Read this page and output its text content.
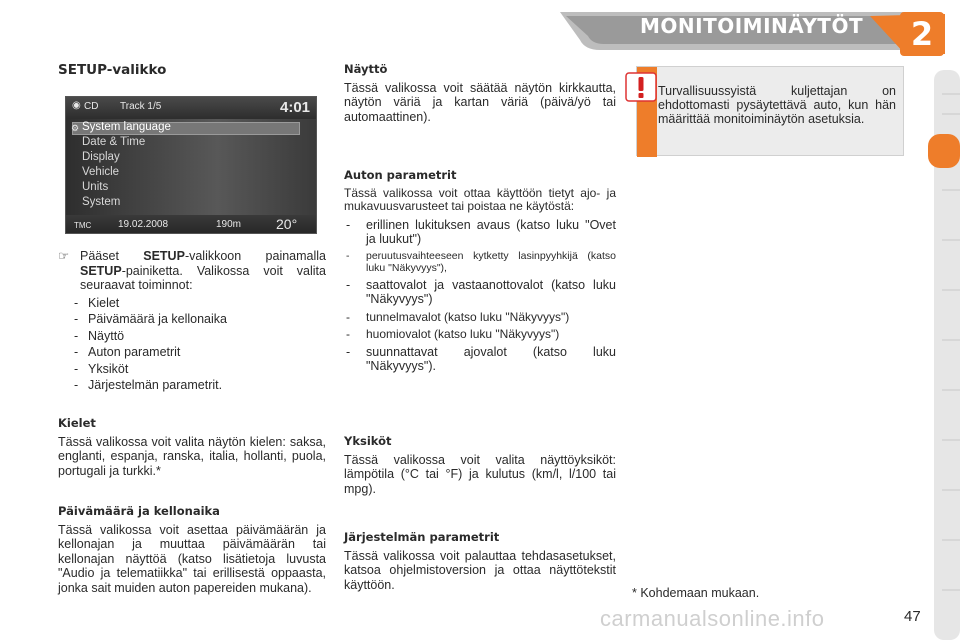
MONITOIMINÄYTÖT 2
SETUP-valikko
◉ CD Track 1/5	4:01
⚙ System language
Date & Time
Display
Vehicle
Units
System
TMC	19.02.2008	190m 20°
☞ Pääset SETUP-valikkoon painamalla SETUP-painiketta. Valikossa voit valita seuraavat toiminnot:
- Kielet
- Päivämäärä ja kellonaika
- Näyttö
- Auton parametrit
- Yksiköt
- Järjestelmän parametrit.
Kielet
Tässä valikossa voit valita näytön kielen: saksa, englanti, espanja, ranska, italia, hollanti, puola, portugali ja turkki.*
Päivämäärä ja kellonaika
Tässä valikossa voit asettaa päivämäärän ja kellonajan ja muuttaa päivämäärän tai kellonajan näyttöä (katso lisätietoja luvusta "Audio ja telematiikka" tai erillisestä oppaasta, jonka sait muiden auton papereiden mukana).
Näyttö
Tässä valikossa voit säätää näytön kirkkautta, näytön väriä ja kartan väriä (päivä/yö tai automaattinen).
Auton parametrit
Tässä valikossa voit ottaa käyttöön tietyt ajo- ja mukavuusvarusteet tai poistaa ne käytöstä:
- erillinen lukituksen avaus (katso luku "Ovet ja luukut")
- peruutusvaihteeseen kytketty lasinpyyhkijä (katso luku "Näkyvyys"),
- saattovalot ja vastaanottovalot (katso luku "Näkyvyys")
- tunnelmavalot (katso luku "Näkyvyys")
- huomiovalot (katso luku "Näkyvyys")
- suunnattavat ajovalot (katso luku "Näkyvyys").
Yksiköt
Tässä valikossa voit valita näyttöyksiköt: lämpötila (°C tai °F) ja kulutus (km/l, l/100 tai mpg).
Järjestelmän parametrit
Tässä valikossa voit palauttaa tehdasasetukset, katsoa ohjelmistoversion ja ottaa näyttötekstit käyttöön.
Turvallisuussyistä kuljettajan on ehdottomasti pysäytettävä auto, kun hän määrittää monitoiminäytön asetuksia.
* Kohdemaan mukaan.
carmanualsonline.info	47
